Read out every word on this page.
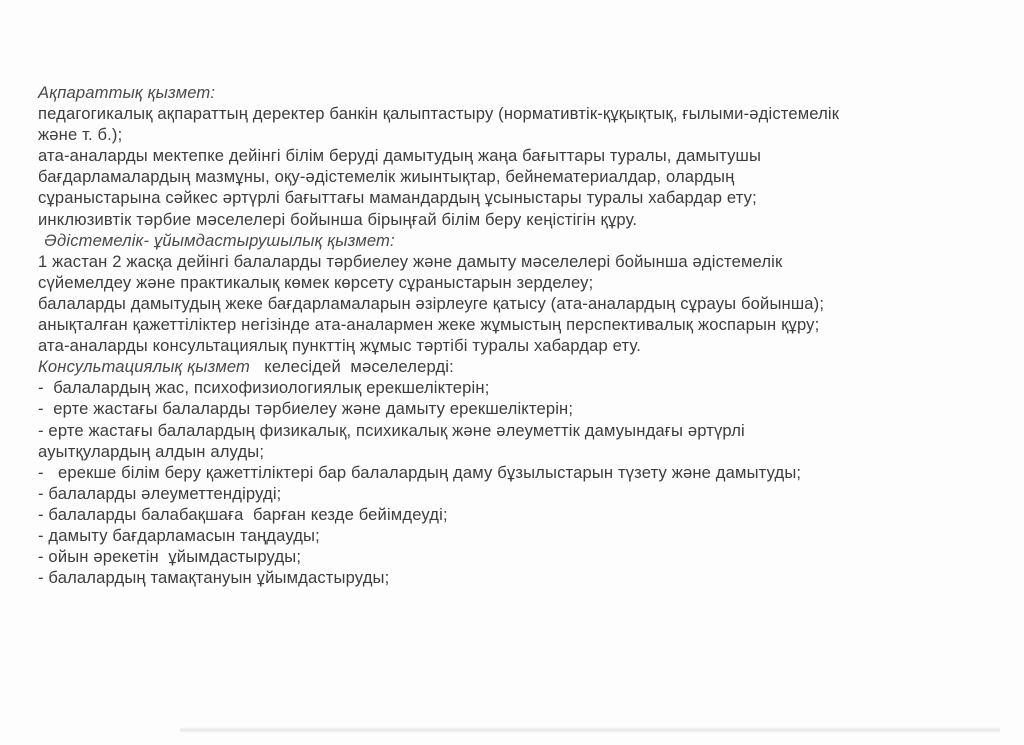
Ақпараттық қызмет:
педагогикалық ақпараттың деректер банкін қалыптастыру (нормативтік-құқықтық, ғылыми-әдістемелік
және т. б.);
ата-аналарды мектепке дейінгі білім беруді дамытудың жаңа бағыттары туралы, дамытушы
бағдарламалардың мазмұны, оқу-әдістемелік жиынтықтар, бейнематериалдар, олардың
сұраныстарына сәйкес әртүрлі бағыттағы мамандардың ұсыныстары туралы хабардар ету;
инклюзивтік тәрбие мәселелері бойынша бірыңғай білім беру кеңістігін құру.
Әдістемелік- ұйымдастырушылық қызмет:
1 жастан 2 жасқа дейінгі балаларды тәрбиелеу және дамыту мәселелері бойынша әдістемелік
сүйемелдеу және практикалық көмек көрсету сұраныстарын зерделеу;
балаларды дамытудың жеке бағдарламаларын әзірлеуге қатысу (ата-аналардың сұрауы бойынша);
анықталған қажеттіліктер негізінде ата-аналармен жеке жұмыстың перспективалық жоспарын құру;
ата-аналарды консультациялық пункттің жұмыс тәртібі туралы хабардар ету.
Консультациялық қызмет   келесідей  мәселелерді:
-  балалардың жас, психофизиологиялық ерекшеліктерін;
-  ерте жастағы балаларды тәрбиелеу және дамыту ерекшеліктерін;
- ерте жастағы балалардың физикалық, психикалық және әлеуметтік дамуындағы әртүрлі
ауытқулардың алдын алуды;
-   ерекше білім беру қажеттіліктері бар балалардың даму бұзылыстарын түзету және дамытуды;
- балаларды әлеуметтендіруді;
- балаларды балабақшаға  барған кезде бейімдеуді;
- дамыту бағдарламасын таңдауды;
- ойын әрекетін  ұйымдастыруды;
- балалардың тамақтануын ұйымдастыруды;
